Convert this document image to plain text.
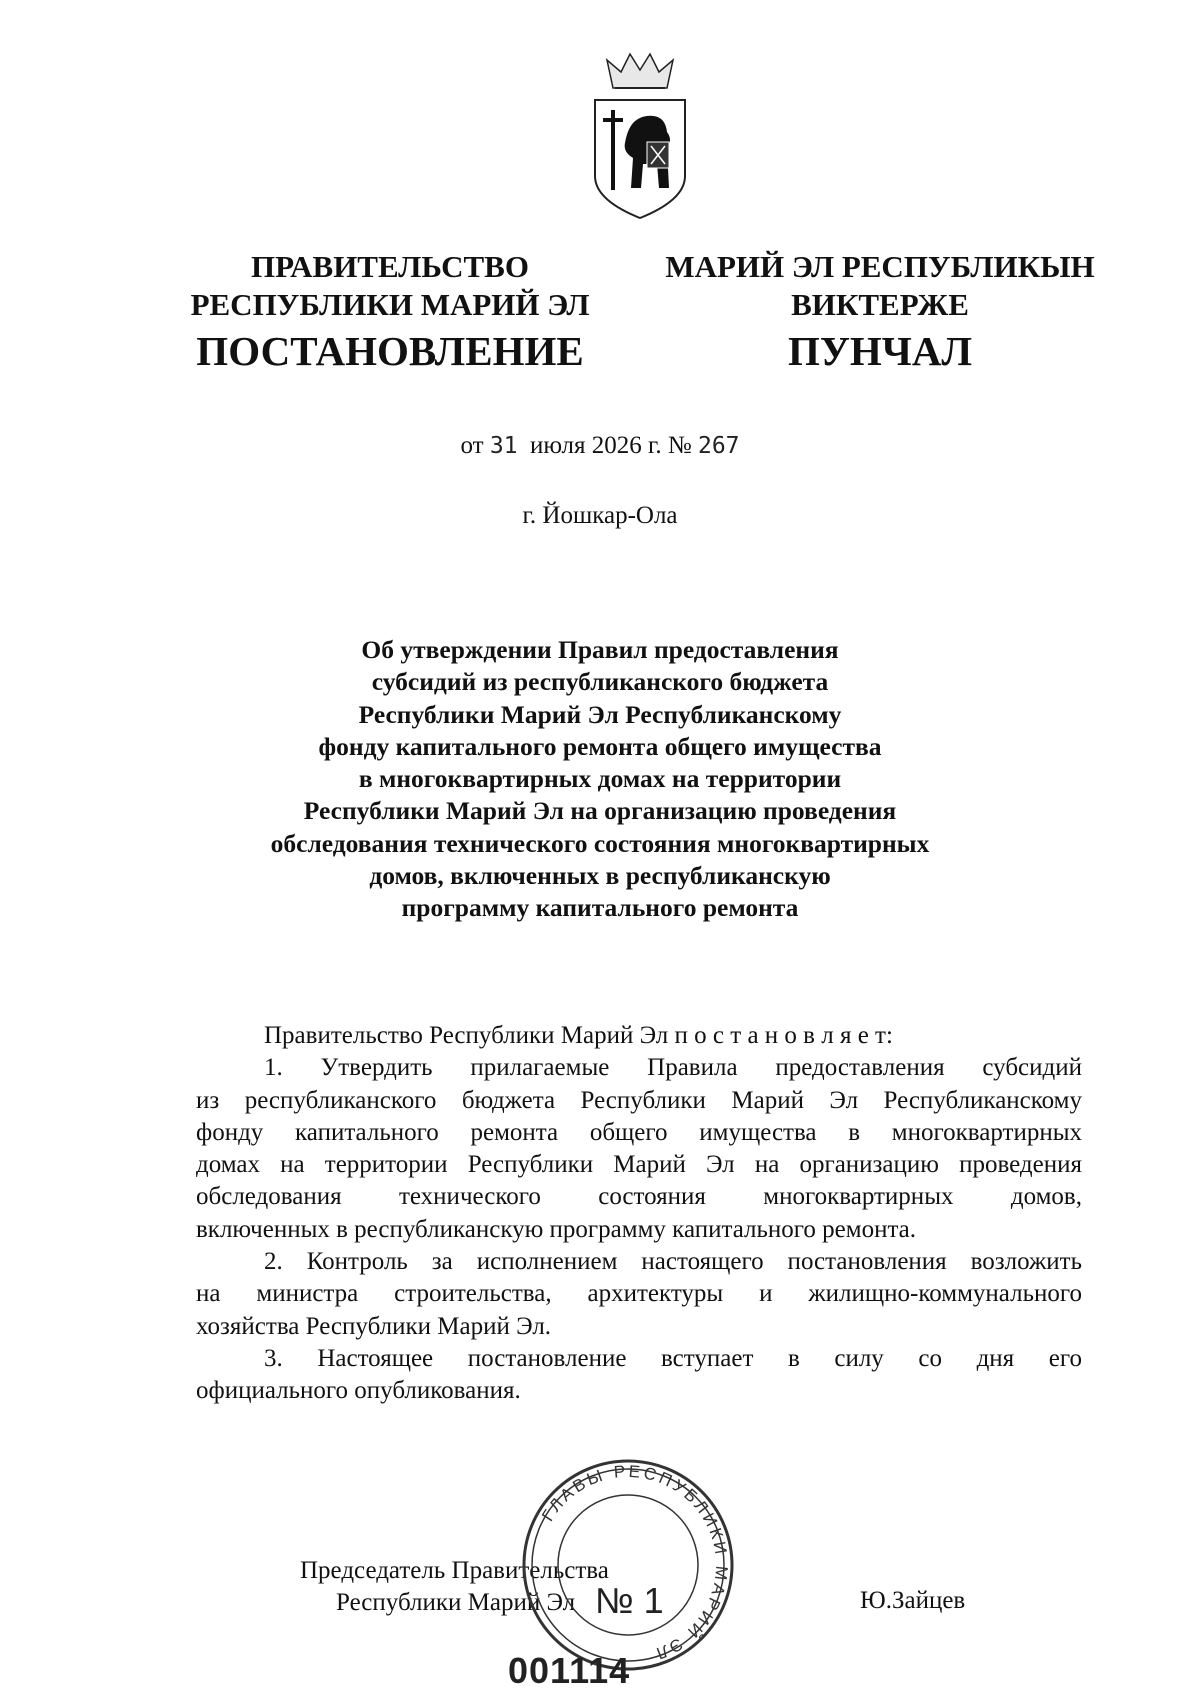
ПРАВИТЕЛЬСТВО
РЕСПУБЛИКИ МАРИЙ ЭЛ
ПОСТАНОВЛЕНИЕ
МАРИЙ ЭЛ РЕСПУБЛИКЫН
ВИКТЕРЖЕ
ПУНЧАЛ
от 31 июля 2026 г. № 267
г. Йошкар-Ола
Об утверждении Правил предоставления
субсидий из республиканского бюджета
Республики Марий Эл Республиканскому
фонду капитального ремонта общего имущества
в многоквартирных домах на территории
Республики Марий Эл на организацию проведения
обследования технического состояния многоквартирных
домов, включенных в республиканскую
программу капитального ремонта
Правительство Республики Марий Эл п о с т а н о в л я е т:
1. Утвердить прилагаемые Правила предоставления субсидий
из республиканского бюджета Республики Марий Эл Республиканскому
фонду капитального ремонта общего имущества в многоквартирных
домах на территории Республики Марий Эл на организацию проведения
обследования технического состояния многоквартирных домов,
включенных в республиканскую программу капитального ремонта.
2. Контроль за исполнением настоящего постановления возложить
на министра строительства, архитектуры и жилищно-коммунального
хозяйства Республики Марий Эл.
3. Настоящее постановление вступает в силу со дня его
официального опубликования.
Председатель Правительства
Республики Марий Эл	Ю.Зайцев
ГЛАВЫ РЕСПУБЛИКИ МАРИЙ ЭЛ
№ 1
001114
